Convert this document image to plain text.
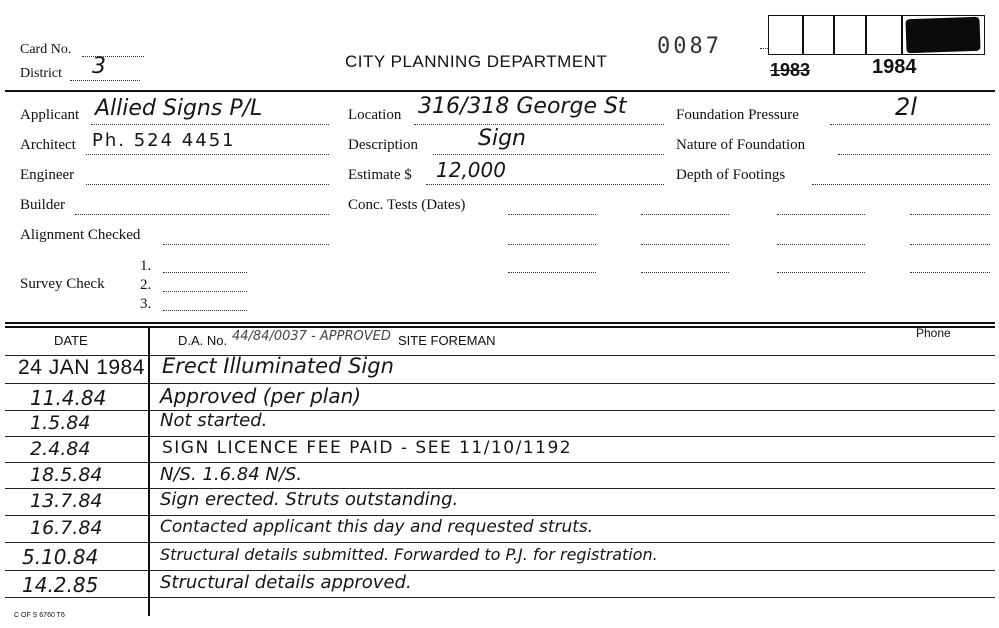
Card No.
District 3	CITY PLANNING DEPARTMENT
0087
1983	1984
Applicant Allied Signs P/L
Architect Ph. 524 4451
Engineer
Builder
Alignment Checked
Survey Check
1.
2.
3.
Location 316/318 George St
Description	Sign
Estimate $ 12,000
Conc. Tests (Dates)
Foundation Pressure	2l
Nature of Foundation
Depth of Footings
DATE	D.A. No. 44/84/0037 - APPROVED SITE FOREMAN	Phone
24 JAN 1984 Erect Illuminated Sign
11.4.84	Approved (per plan)
1.5.84	Not started.
2.4.84	SIGN LICENCE FEE PAID - SEE 11/10/1192
18.5.84	N/S. 1.6.84 N/S.
13.7.84	Sign erected. Struts outstanding.
16.7.84	Contacted applicant this day and requested struts.
5.10.84	Structural details submitted. Forwarded to P.J. for registration.
14.2.85	Structural details approved.
C OF S 6760 T6
